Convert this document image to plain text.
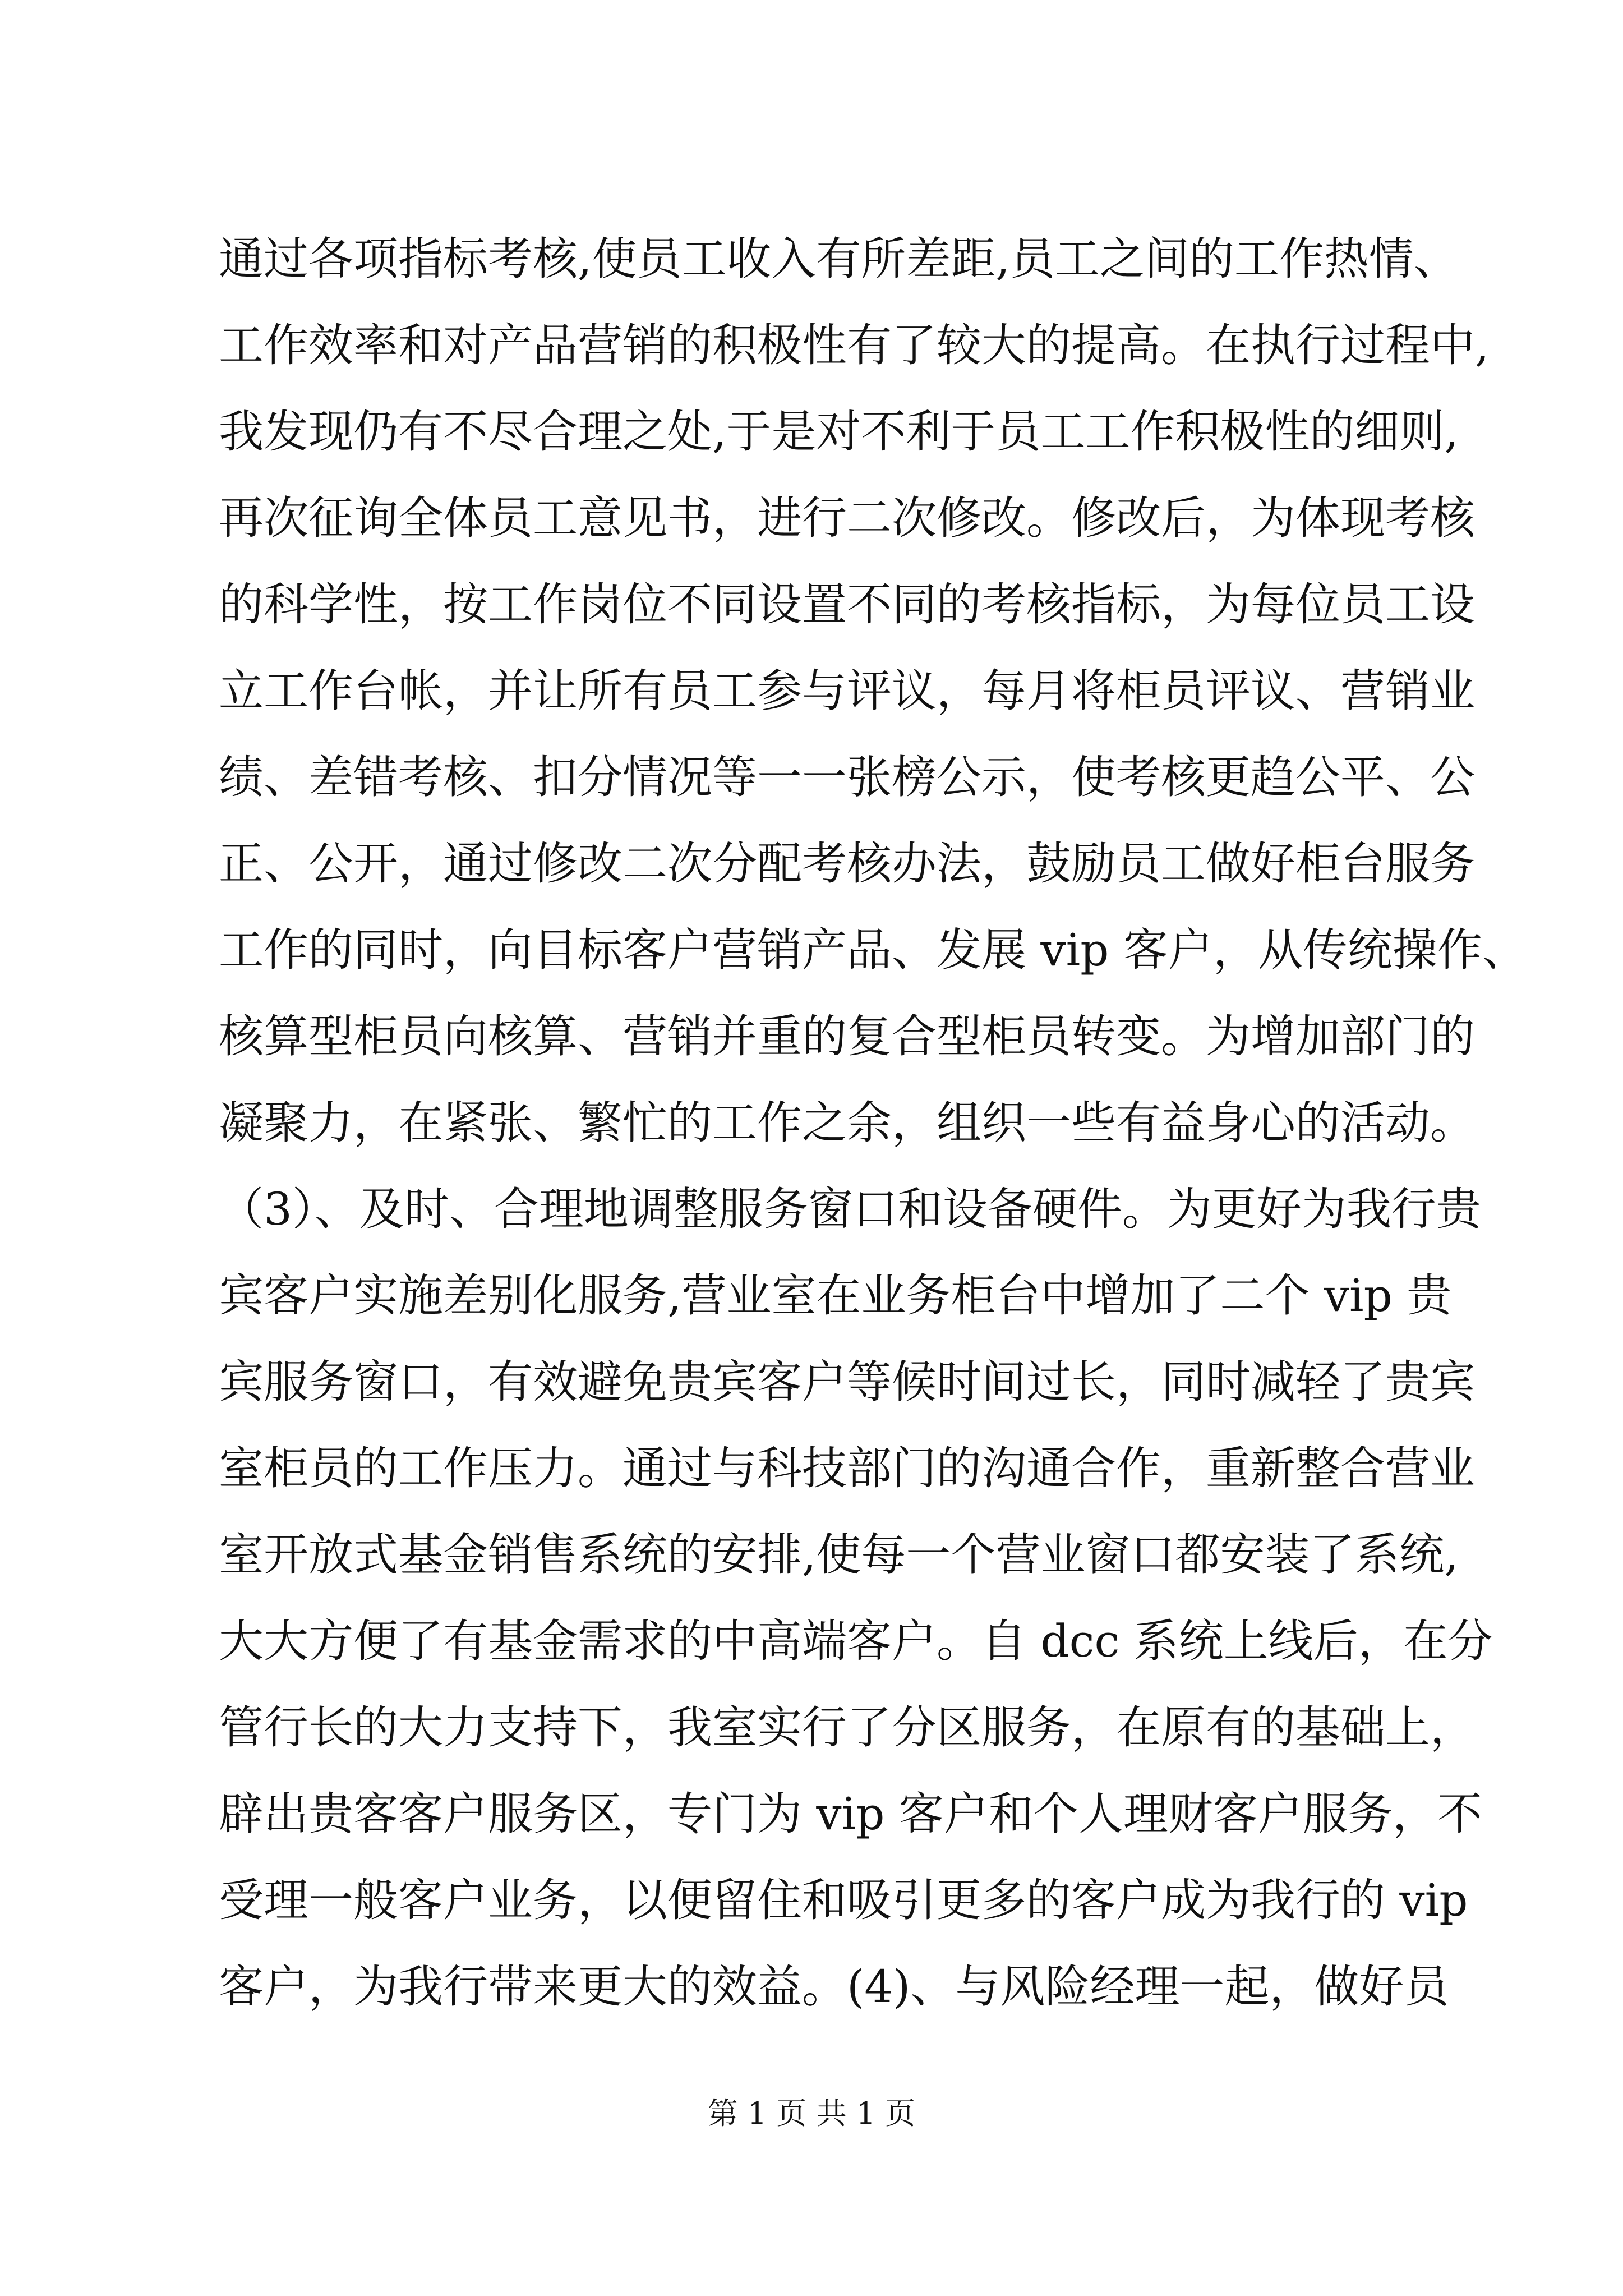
通过各项指标考核,使员工收入有所差距,员工之间的工作热情、
工作效率和对产品营销的积极性有了较大的提高。在执行过程中,
我发现仍有不尽合理之处,于是对不利于员工工作积极性的细则,
再次征询全体员工意见书，进行二次修改。修改后，为体现考核
的科学性，按工作岗位不同设置不同的考核指标，为每位员工设
立工作台帐，并让所有员工参与评议，每月将柜员评议、营销业
绩、差错考核、扣分情况等一一张榜公示，使考核更趋公平、公
正、公开，通过修改二次分配考核办法，鼓励员工做好柜台服务
工作的同时，向目标客户营销产品、发展 vip 客户，从传统操作、
核算型柜员向核算、营销并重的复合型柜员转变。为增加部门的
凝聚力，在紧张、繁忙的工作之余，组织一些有益身心的活动。
（3）、及时、合理地调整服务窗口和设备硬件。为更好为我行贵
宾客户实施差别化服务,营业室在业务柜台中增加了二个 vip 贵
宾服务窗口，有效避免贵宾客户等候时间过长，同时减轻了贵宾
室柜员的工作压力。通过与科技部门的沟通合作，重新整合营业
室开放式基金销售系统的安排,使每一个营业窗口都安装了系统,
大大方便了有基金需求的中高端客户。自 dcc 系统上线后，在分
管行长的大力支持下，我室实行了分区服务，在原有的基础上，
辟出贵客客户服务区，专门为 vip 客户和个人理财客户服务，不
受理一般客户业务，以便留住和吸引更多的客户成为我行的 vip
客户，为我行带来更大的效益。(4)、与风险经理一起，做好员
第 1 页 共 1 页
